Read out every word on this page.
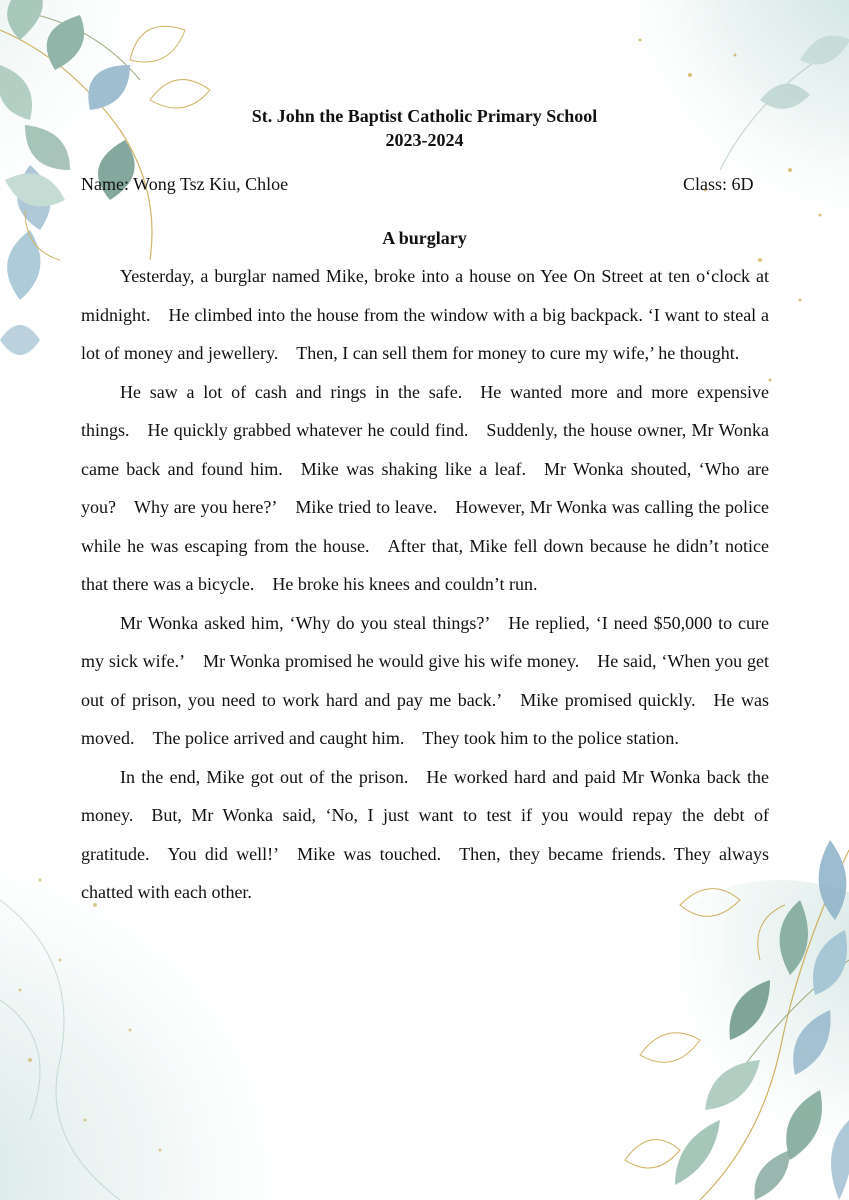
St. John the Baptist Catholic Primary School
2023-2024
Name: Wong Tsz Kiu, Chloe	Class: 6D
A burglary

Yesterday, a burglar named Mike, broke into a house on Yee On Street at ten o‘clock at midnight. He climbed into the house from the window with a big backpack. ‘I want to steal a lot of money and jewellery. Then, I can sell them for money to cure my wife,’ he thought.

He saw a lot of cash and rings in the safe. He wanted more and more expensive things. He quickly grabbed whatever he could find. Suddenly, the house owner, Mr Wonka came back and found him. Mike was shaking like a leaf. Mr Wonka shouted, ‘Who are you? Why are you here?’ Mike tried to leave. However, Mr Wonka was calling the police while he was escaping from the house. After that, Mike fell down because he didn’t notice that there was a bicycle. He broke his knees and couldn’t run.

Mr Wonka asked him, ‘Why do you steal things?’ He replied, ‘I need $50,000 to cure my sick wife.’ Mr Wonka promised he would give his wife money. He said, ‘When you get out of prison, you need to work hard and pay me back.’ Mike promised quickly. He was moved. The police arrived and caught him. They took him to the police station.

In the end, Mike got out of the prison. He worked hard and paid Mr Wonka back the money. But, Mr Wonka said, ‘No, I just want to test if you would repay the debt of gratitude. You did well!’ Mike was touched. Then, they became friends. They always chatted with each other.
